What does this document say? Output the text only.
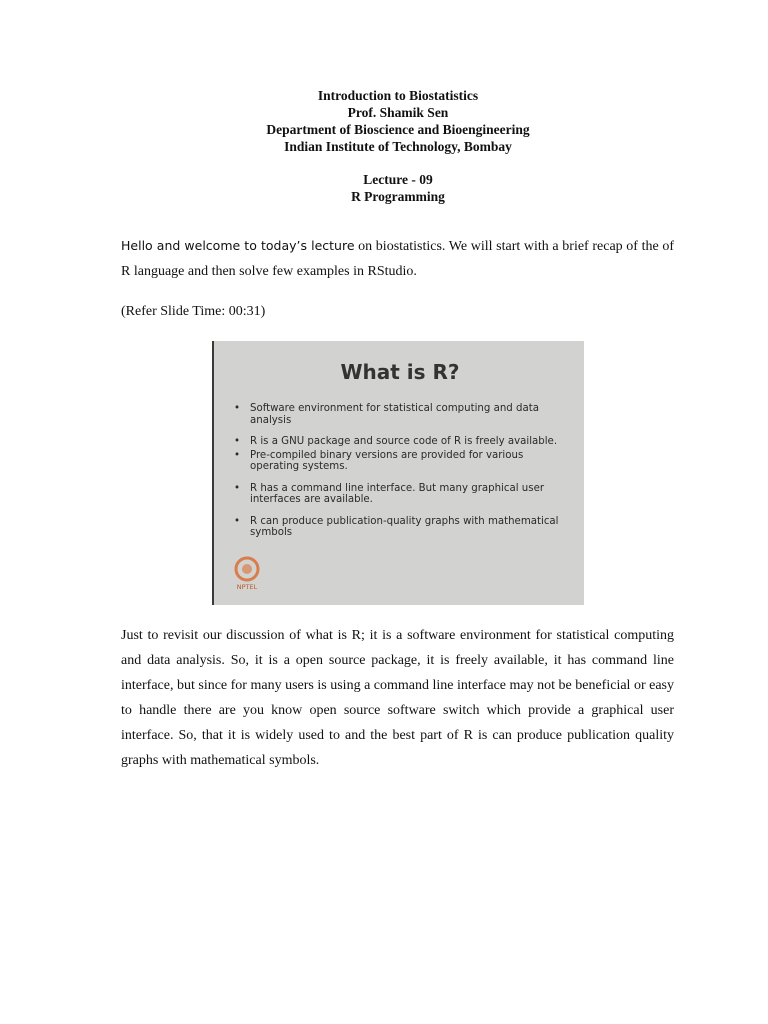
Introduction to Biostatistics
Prof. Shamik Sen
Department of Bioscience and Bioengineering
Indian Institute of Technology, Bombay
Lecture - 09
R Programming

Hello and welcome to today’s lecture on biostatistics. We will start with a brief recap of the of R language and then solve few examples in RStudio.

(Refer Slide Time: 00:31)

What is R?
• Software environment for statistical computing and data analysis
• R is a GNU package and source code of R is freely available.
• Pre-compiled binary versions are provided for various operating systems.
• R has a command line interface. But many graphical user interfaces are available.
• R can produce publication-quality graphs with mathematical symbols
NPTEL

Just to revisit our discussion of what is R; it is a software environment for statistical computing and data analysis. So, it is a open source package, it is freely available, it has command line interface, but since for many users is using a command line interface may not be beneficial or easy to handle there are you know open source software switch which provide a graphical user interface. So, that it is widely used to and the best part of R is can produce publication quality graphs with mathematical symbols.
